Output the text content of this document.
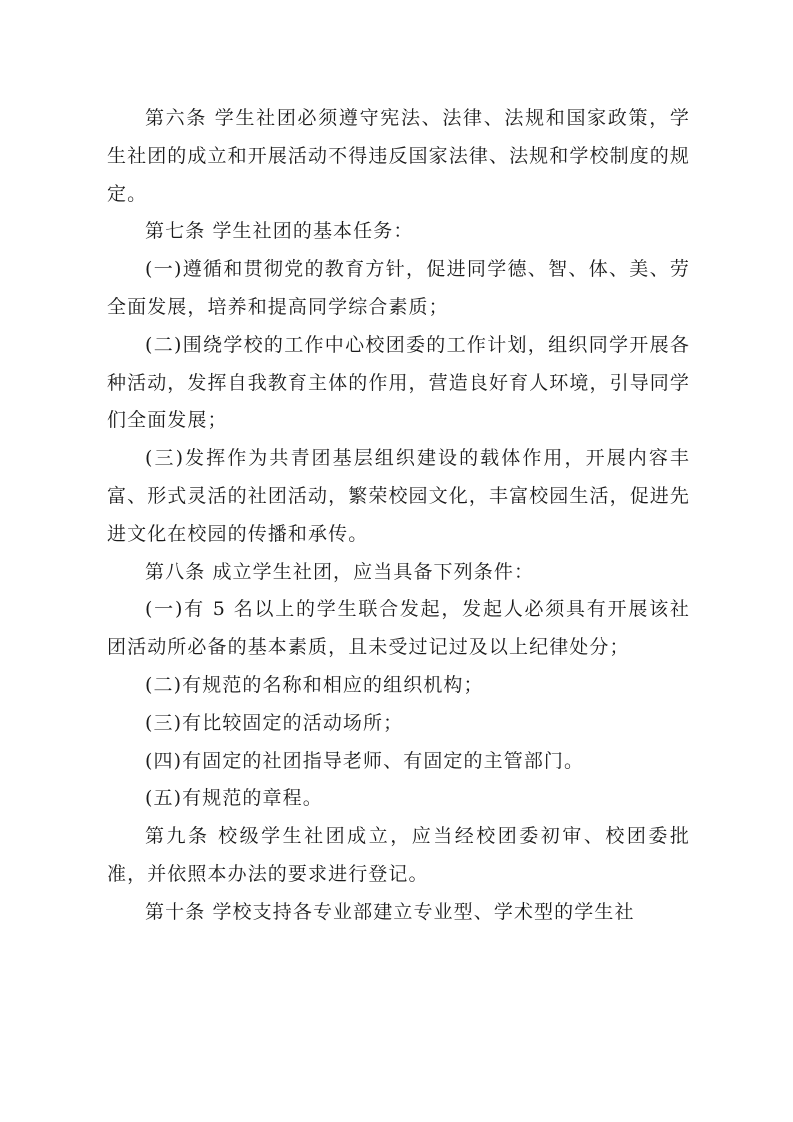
第六条 学生社团必须遵守宪法、法律、法规和国家政策，学生社团的成立和开展活动不得违反国家法律、法规和学校制度的规定。

第七条 学生社团的基本任务：

(一)遵循和贯彻党的教育方针，促进同学德、智、体、美、劳全面发展，培养和提高同学综合素质；

(二)围绕学校的工作中心校团委的工作计划，组织同学开展各种活动，发挥自我教育主体的作用，营造良好育人环境，引导同学们全面发展；

(三)发挥作为共青团基层组织建设的载体作用，开展内容丰富、形式灵活的社团活动，繁荣校园文化，丰富校园生活，促进先进文化在校园的传播和承传。

第八条 成立学生社团，应当具备下列条件：

(一)有 5 名以上的学生联合发起，发起人必须具有开展该社团活动所必备的基本素质，且未受过记过及以上纪律处分；

(二)有规范的名称和相应的组织机构；

(三)有比较固定的活动场所；

(四)有固定的社团指导老师、有固定的主管部门。

(五)有规范的章程。

第九条 校级学生社团成立，应当经校团委初审、校团委批准，并依照本办法的要求进行登记。

第十条 学校支持各专业部建立专业型、学术型的学生社
